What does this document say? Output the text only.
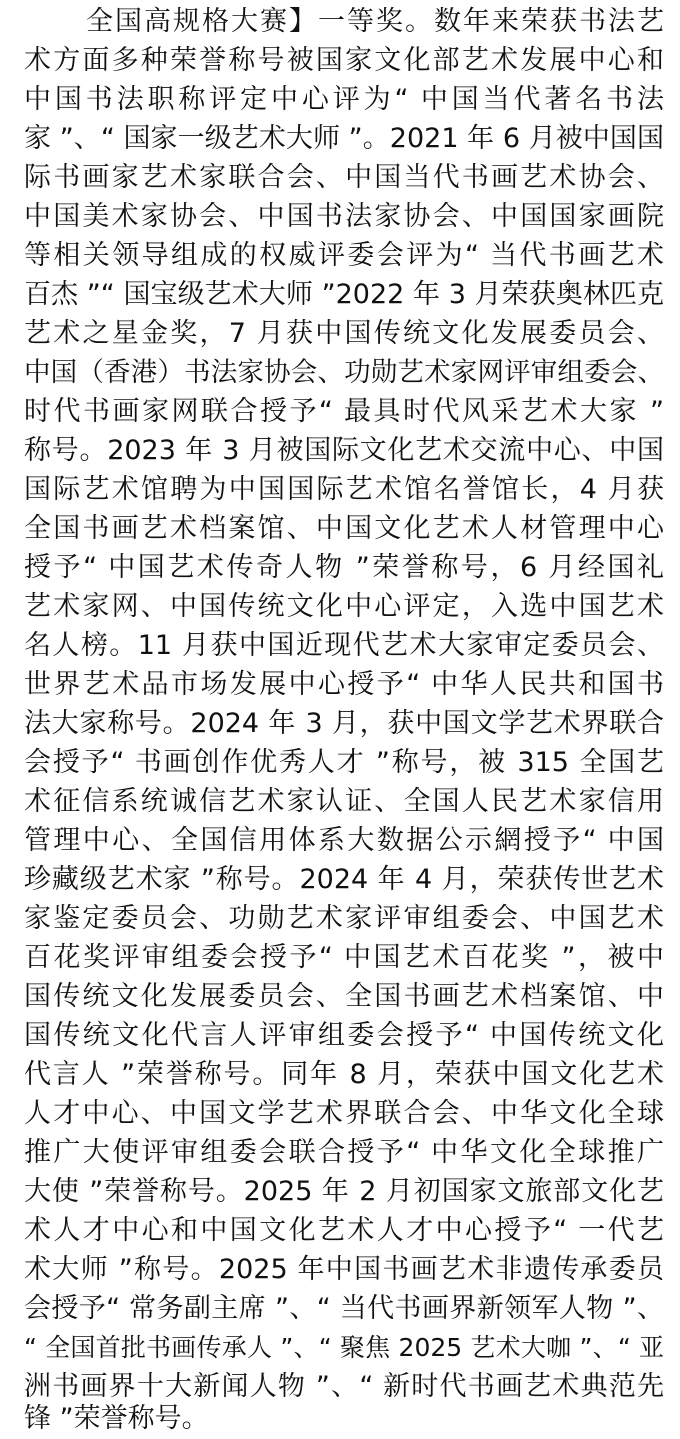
全国高规格大赛】一等奖。数年来荣获书法艺
术方面多种荣誉称号被国家文化部艺术发展中心和
中国书法职称评定中心评为“ 中国当代著名书法
家 ”、“ 国家一级艺术大师 ”。2021 年 6 月被中国国
际书画家艺术家联合会、中国当代书画艺术协会、
中国美术家协会、中国书法家协会、中国国家画院
等相关领导组成的权威评委会评为“ 当代书画艺术
百杰 ”“ 国宝级艺术大师 ”2022 年 3 月荣获奥林匹克
艺术之星金奖，7 月获中国传统文化发展委员会、
中国（香港）书法家协会、功勋艺术家网评审组委会、
时代书画家网联合授予“ 最具时代风采艺术大家 ”
称号。2023 年 3 月被国际文化艺术交流中心、中国
国际艺术馆聘为中国国际艺术馆名誉馆长，4 月获
全国书画艺术档案馆、中国文化艺术人材管理中心
授予“ 中国艺术传奇人物 ”荣誉称号，6 月经国礼
艺术家网、中国传统文化中心评定，入选中国艺术
名人榜。11 月获中国近现代艺术大家审定委员会、
世界艺术品市场发展中心授予“ 中华人民共和国书
法大家称号。2024 年 3 月，获中国文学艺术界联合
会授予“ 书画创作优秀人才 ”称号，被 315 全国艺
术征信系统诚信艺术家认证、全国人民艺术家信用
管理中心、全国信用体系大数据公示網授予“ 中国
珍藏级艺术家 ”称号。2024 年 4 月，荣获传世艺术
家鉴定委员会、功勋艺术家评审组委会、中国艺术
百花奖评审组委会授予“ 中国艺术百花奖 ”，被中
国传统文化发展委员会、全国书画艺术档案馆、中
国传统文化代言人评审组委会授予“ 中国传统文化
代言人 ”荣誉称号。同年 8 月，荣获中国文化艺术
人才中心、中国文学艺术界联合会、中华文化全球
推广大使评审组委会联合授予“ 中华文化全球推广
大使 ”荣誉称号。2025 年 2 月初国家文旅部文化艺
术人才中心和中国文化艺术人才中心授予“ 一代艺
术大师 ”称号。2025 年中国书画艺术非遗传承委员
会授予“ 常务副主席 ”、“ 当代书画界新领军人物 ”、
“ 全国首批书画传承人 ”、“ 聚焦 2025 艺术大咖 ”、“ 亚
洲书画界十大新闻人物 ”、“ 新时代书画艺术典范先
锋 ”荣誉称号。
